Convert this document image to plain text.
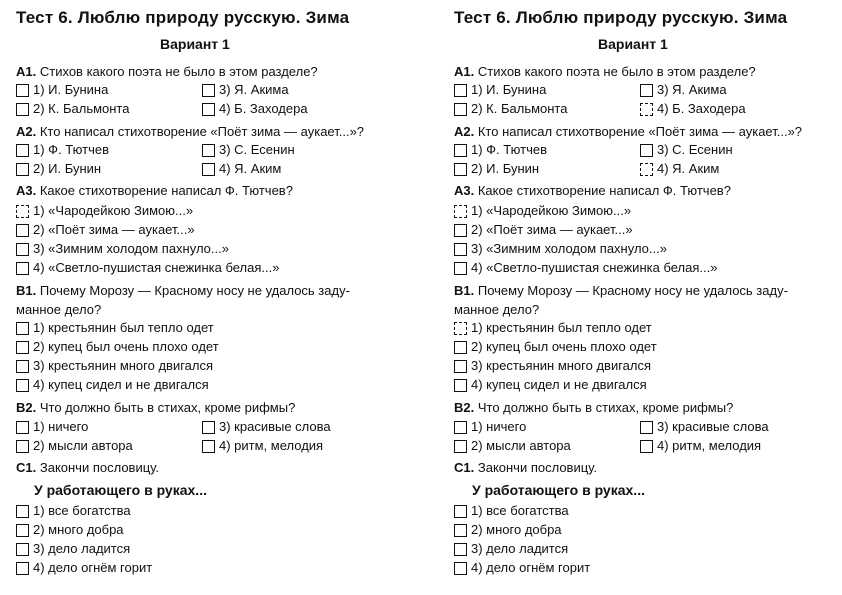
Тест 6. Люблю природу русскую. Зима
Вариант 1
А1. Стихов какого поэта не было в этом разделе?
1) И. Бунина	3) Я. Акима
2) К. Бальмонта	4) Б. Заходера
А2. Кто написал стихотворение «Поёт зима — аукает...»?
1) Ф. Тютчев	3) С. Есенин
2) И. Бунин	4) Я. Аким
А3. Какое стихотворение написал Ф. Тютчев?
1) «Чародейкою Зимою...»
2) «Поёт зима — аукает...»
3) «Зимним холодом пахнуло...»
4) «Светло-пушистая снежинка белая...»
В1. Почему Морозу — Красному носу не удалось заду-
манное дело?
1) крестьянин был тепло одет
2) купец был очень плохо одет
3) крестьянин много двигался
4) купец сидел и не двигался
В2. Что должно быть в стихах, кроме рифмы?
1) ничего	3) красивые слова
2) мысли автора	4) ритм, мелодия
С1. Закончи пословицу.
У работающего в руках...
1) все богатства
2) много добра
3) дело ладится
4) дело огнём горит
Тест 6. Люблю природу русскую. Зима
Вариант 1
А1. Стихов какого поэта не было в этом разделе?
1) И. Бунина	3) Я. Акима
2) К. Бальмонта	4) Б. Заходера
А2. Кто написал стихотворение «Поёт зима — аукает...»?
1) Ф. Тютчев	3) С. Есенин
2) И. Бунин	4) Я. Аким
А3. Какое стихотворение написал Ф. Тютчев?
1) «Чародейкою Зимою...»
2) «Поёт зима — аукает...»
3) «Зимним холодом пахнуло...»
4) «Светло-пушистая снежинка белая...»
В1. Почему Морозу — Красному носу не удалось заду-
манное дело?
1) крестьянин был тепло одет
2) купец был очень плохо одет
3) крестьянин много двигался
4) купец сидел и не двигался
В2. Что должно быть в стихах, кроме рифмы?
1) ничего	3) красивые слова
2) мысли автора	4) ритм, мелодия
С1. Закончи пословицу.
У работающего в руках...
1) все богатства
2) много добра
3) дело ладится
4) дело огнём горит
